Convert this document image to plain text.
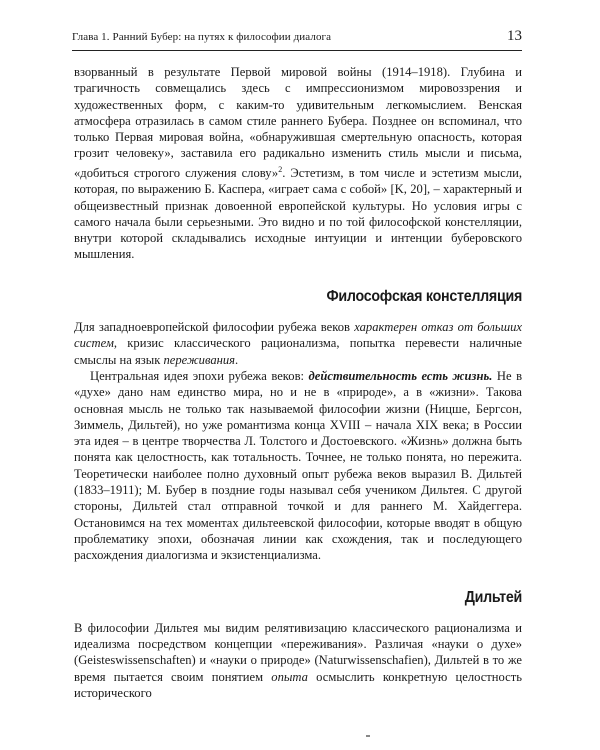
Глава 1. Ранний Бубер: на путях к философии диалога	13

взорванный в результате Первой мировой войны (1914–1918). Глубина и трагичность совмещались здесь с импрессионизмом мировоззрения и художественных форм, с каким-то удивительным легкомыслием. Венская атмосфера отразилась в самом стиле раннего Бубера. Позднее он вспоминал, что только Первая мировая война, «обнаружившая смертельную опасность, которая грозит человеку», заставила его радикально изменить стиль мысли и письма, «добиться строгого служения слову»$^2$. Эстетизм, в том числе и эстетизм мысли, которая, по выражению Б. Каспера, «играет сама с собой» [K, 20], – характерный и общеизвестный признак довоенной европейской культуры. Но условия игры с самого начала были серьезными. Это видно и по той философской констелляции, внутри которой складывались исходные интуиции и интенции буберовского мышления.

Философская констелляция

Для западноевропейской философии рубежа веков характерен отказ от больших систем, кризис классического рационализма, попытка перевести наличные смыслы на язык переживания.

Центральная идея эпохи рубежа веков: действительность есть жизнь. Не в «духе» дано нам единство мира, но и не в «природе», а в «жизни». Такова основная мысль не только так называемой философии жизни (Ницше, Бергсон, Зиммель, Дильтей), но уже романтизма конца XVIII – начала XIX века; в России эта идея – в центре творчества Л. Толстого и Достоевского. «Жизнь» должна быть понята как целостность, как тотальность. Точнее, не только понята, но пережита. Теоретически наиболее полно духовный опыт рубежа веков выразил В. Дильтей (1833–1911); М. Бубер в поздние годы называл себя учеником Дильтея. С другой стороны, Дильтей стал отправной точкой и для раннего М. Хайдеггера. Остановимся на тех моментах дильтеевской философии, которые вводят в общую проблематику эпохи, обозначая линии как схождения, так и последующего расхождения диалогизма и экзистенциализма.

Дильтей

В философии Дильтея мы видим релятивизацию классического рационализма и идеализма посредством концепции «переживания». Различая «науки о духе» (Geisteswissenschaften) и «науки о природе» (Naturwissenschafien), Дильтей в то же время пытается своим понятием опыта осмыслить конкретную целостность исторического
